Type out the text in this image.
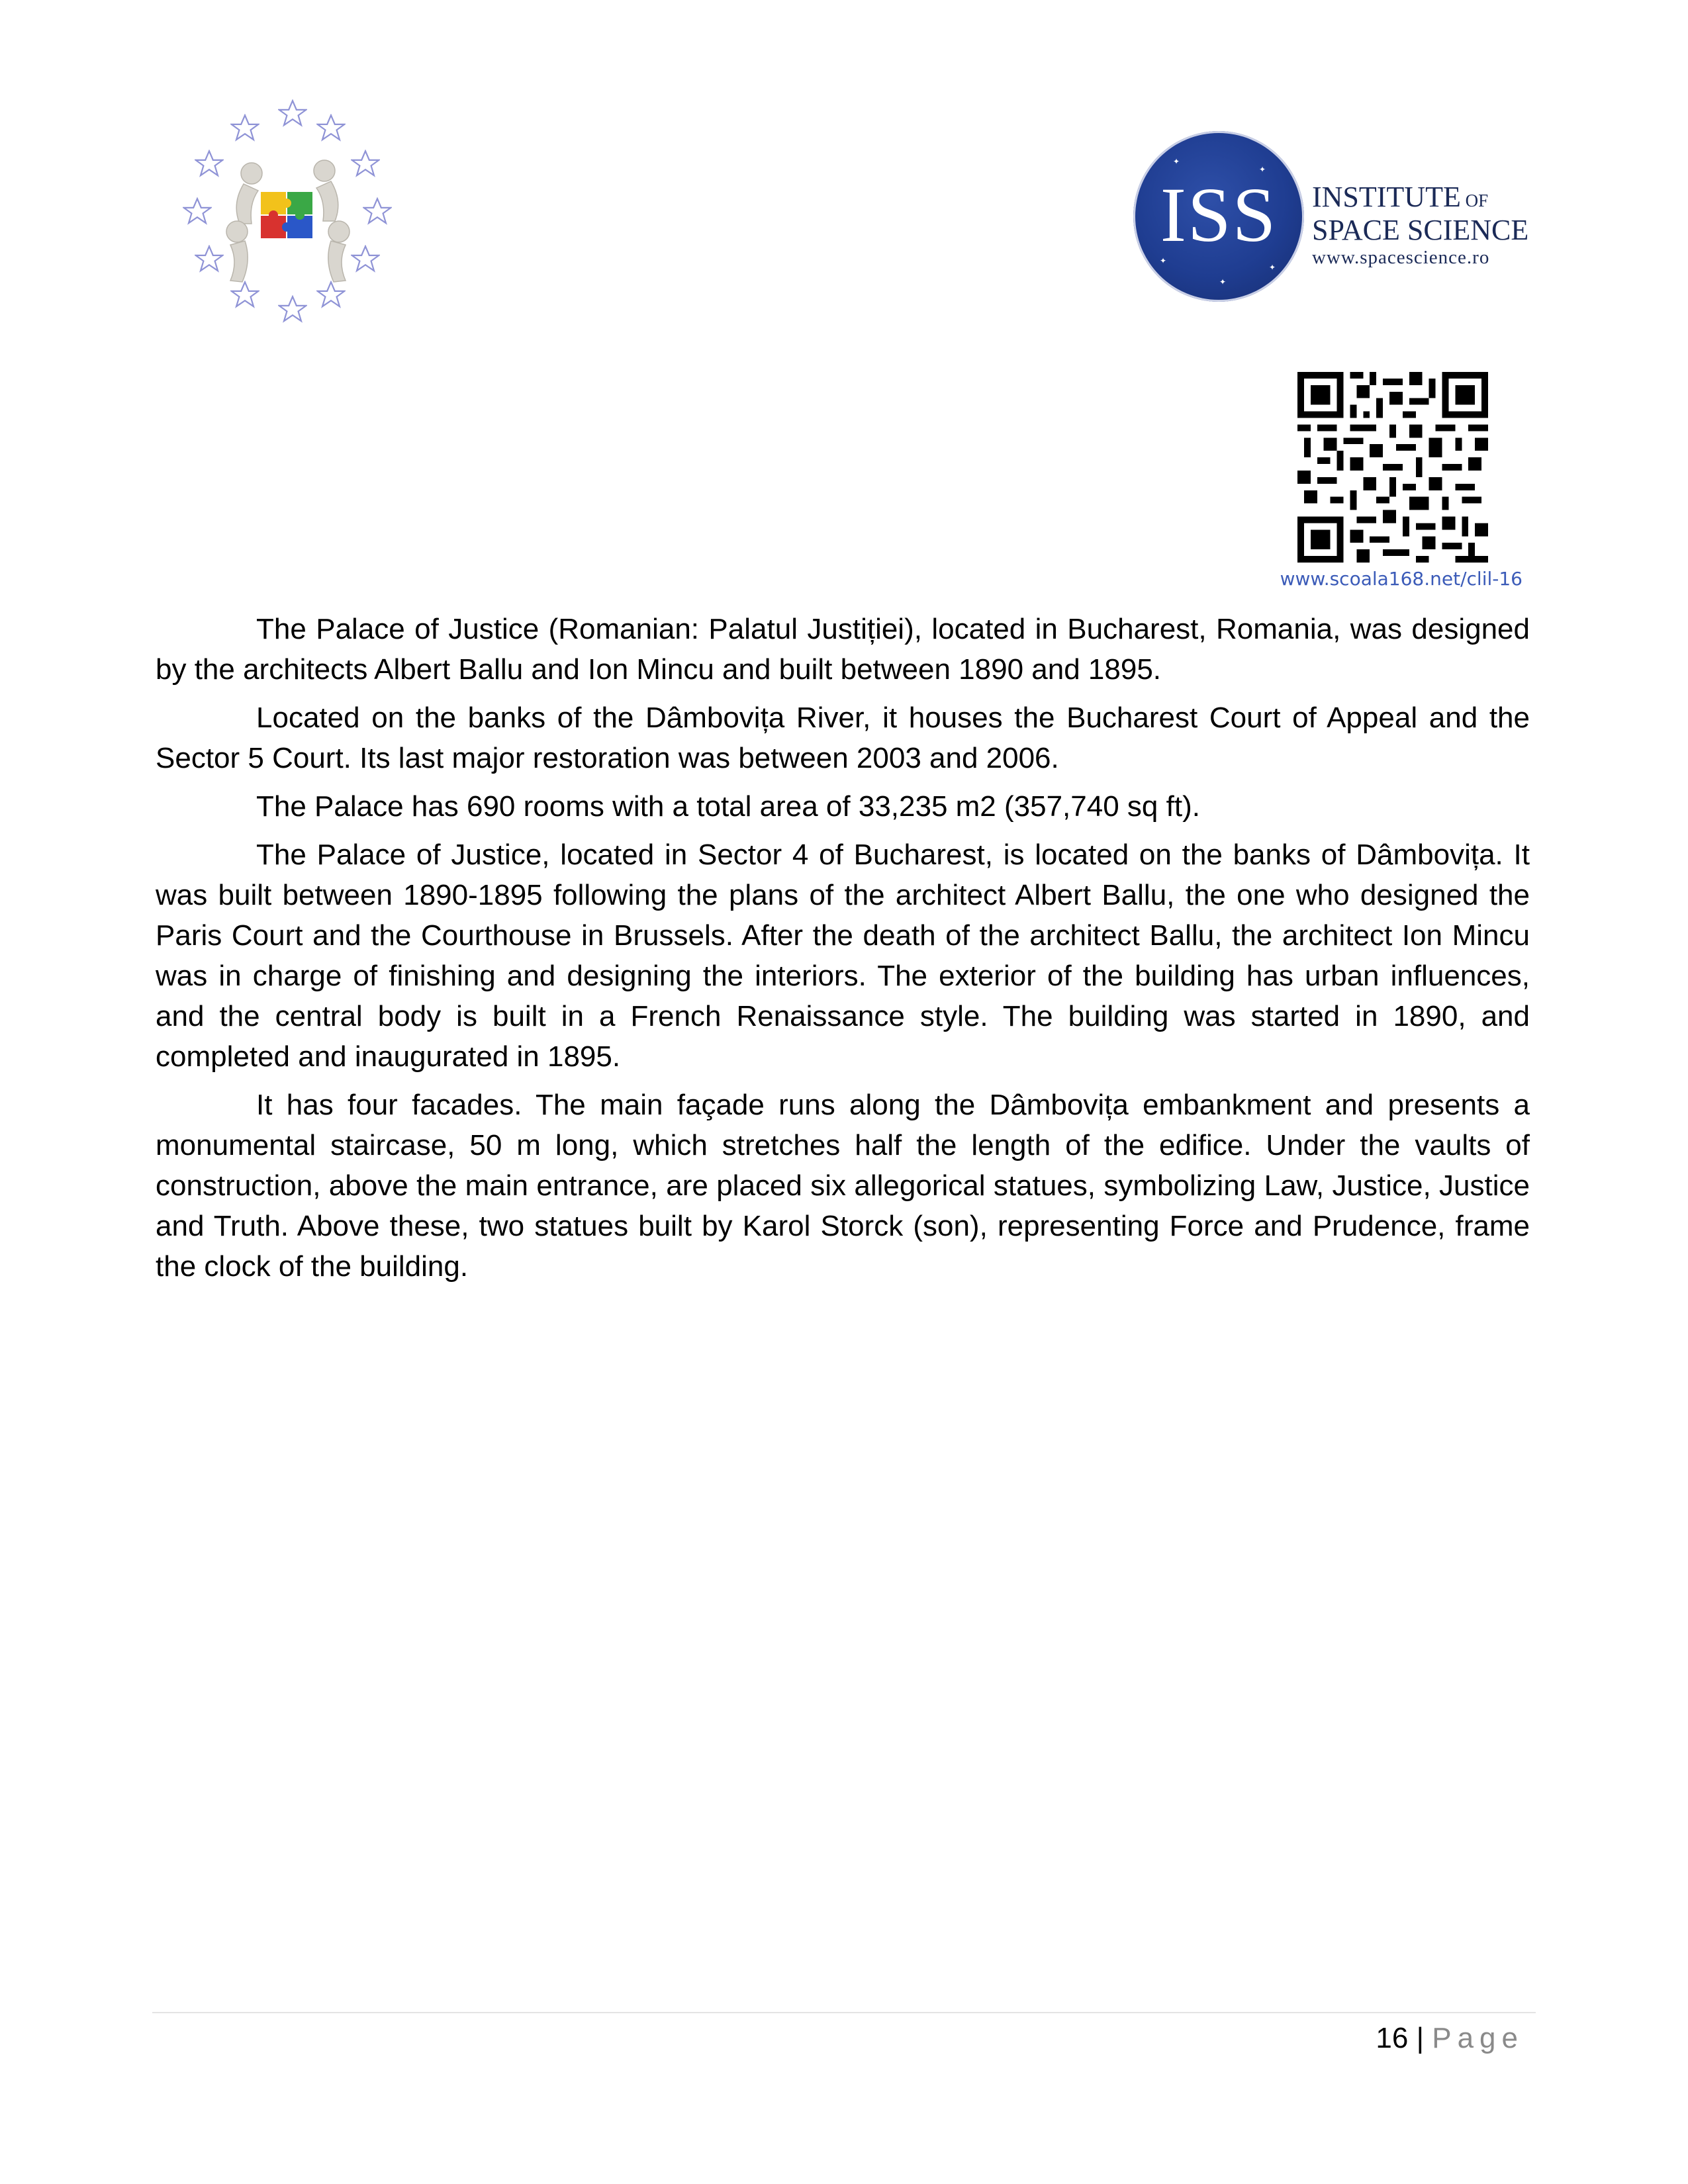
✦
✦
✦
✦
✦
ISS	INSTITUTE OF
SPACE SCIENCE
www.spacescience.ro
www.scoala168.net/clil-16

The Palace of Justice (Romanian: Palatul Justiției), located in Bucharest, Romania, was designed by the architects Albert Ballu and Ion Mincu and built between 1890 and 1895.

Located on the banks of the Dâmbovița River, it houses the Bucharest Court of Appeal and the Sector 5 Court. Its last major restoration was between 2003 and 2006.

The Palace has 690 rooms with a total area of 33,235 m2 (357,740 sq ft).

The Palace of Justice, located in Sector 4 of Bucharest, is located on the banks of Dâmbovița. It was built between 1890-1895 following the plans of the architect Albert Ballu, the one who designed the Paris Court and the Courthouse in Brussels. After the death of the architect Ballu, the architect Ion Mincu was in charge of finishing and designing the interiors. The exterior of the building has urban influences, and the central body is built in a French Renaissance style. The building was started in 1890, and completed and inaugurated in 1895.

It has four facades. The main façade runs along the Dâmbovița embankment and presents a monumental staircase, 50 m long, which stretches half the length of the edifice. Under the vaults of construction, above the main entrance, are placed six allegorical statues, symbolizing Law, Justice, Justice and Truth. Above these, two statues built by Karol Storck (son), representing Force and Prudence, frame the clock of the building.

16 | Page
